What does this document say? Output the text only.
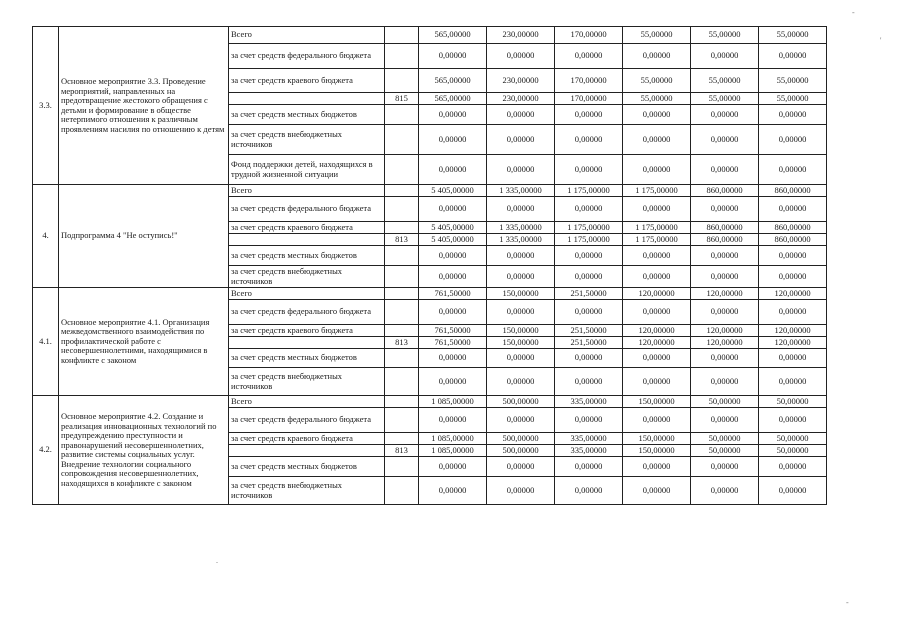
-
'
.
-
3.3.	Основное мероприятие 3.3. Проведение мероприятий, направленных на предотвращение жестокого обращения с детьми и формирование в обществе нетерпимого отношения к различным проявлениям насилия по отношению к детям	Всего		565,00000	230,00000	170,00000	55,00000	55,00000	55,00000
		за счет средств федерального бюджета		0,00000	0,00000	0,00000	0,00000	0,00000	0,00000
		за счет средств краевого бюджета		565,00000	230,00000	170,00000	55,00000	55,00000	55,00000
			815	565,00000	230,00000	170,00000	55,00000	55,00000	55,00000
		за счет средств местных бюджетов		0,00000	0,00000	0,00000	0,00000	0,00000	0,00000
		за счет средств внебюджетных источников		0,00000	0,00000	0,00000	0,00000	0,00000	0,00000
		Фонд поддержки детей, находящихся в трудной жизненной ситуации		0,00000	0,00000	0,00000	0,00000	0,00000	0,00000
4.	Подпрограмма 4 "Не оступись!"	Всего		5 405,00000	1 335,00000	1 175,00000	1 175,00000	860,00000	860,00000
		за счет средств федерального бюджета		0,00000	0,00000	0,00000	0,00000	0,00000	0,00000
		за счет средств краевого бюджета		5 405,00000	1 335,00000	1 175,00000	1 175,00000	860,00000	860,00000
			813	5 405,00000	1 335,00000	1 175,00000	1 175,00000	860,00000	860,00000
		за счет средств местных бюджетов		0,00000	0,00000	0,00000	0,00000	0,00000	0,00000
		за счет средств внебюджетных источников		0,00000	0,00000	0,00000	0,00000	0,00000	0,00000
4.1.	Основное мероприятие 4.1. Организация межведомственного взаимодействия по профилактической работе с несовершеннолетними, находящимися в конфликте с законом	Всего		761,50000	150,00000	251,50000	120,00000	120,00000	120,00000
		за счет средств федерального бюджета		0,00000	0,00000	0,00000	0,00000	0,00000	0,00000
		за счет средств краевого бюджета		761,50000	150,00000	251,50000	120,00000	120,00000	120,00000
			813	761,50000	150,00000	251,50000	120,00000	120,00000	120,00000
		за счет средств местных бюджетов		0,00000	0,00000	0,00000	0,00000	0,00000	0,00000
		за счет средств внебюджетных источников		0,00000	0,00000	0,00000	0,00000	0,00000	0,00000
4.2.	Основное мероприятие 4.2. Создание и реализация инновационных технологий по предупреждению преступности и правонарушений несовершеннолетних, развитие системы социальных услуг. Внедрение технологии социального сопровождения несовершеннолетних, находящихся в конфликте с законом	Всего		1 085,00000	500,00000	335,00000	150,00000	50,00000	50,00000
		за счет средств федерального бюджета		0,00000	0,00000	0,00000	0,00000	0,00000	0,00000
		за счет средств краевого бюджета		1 085,00000	500,00000	335,00000	150,00000	50,00000	50,00000
			813	1 085,00000	500,00000	335,00000	150,00000	50,00000	50,00000
		за счет средств местных бюджетов		0,00000	0,00000	0,00000	0,00000	0,00000	0,00000
		за счет средств внебюджетных источников		0,00000	0,00000	0,00000	0,00000	0,00000	0,00000
